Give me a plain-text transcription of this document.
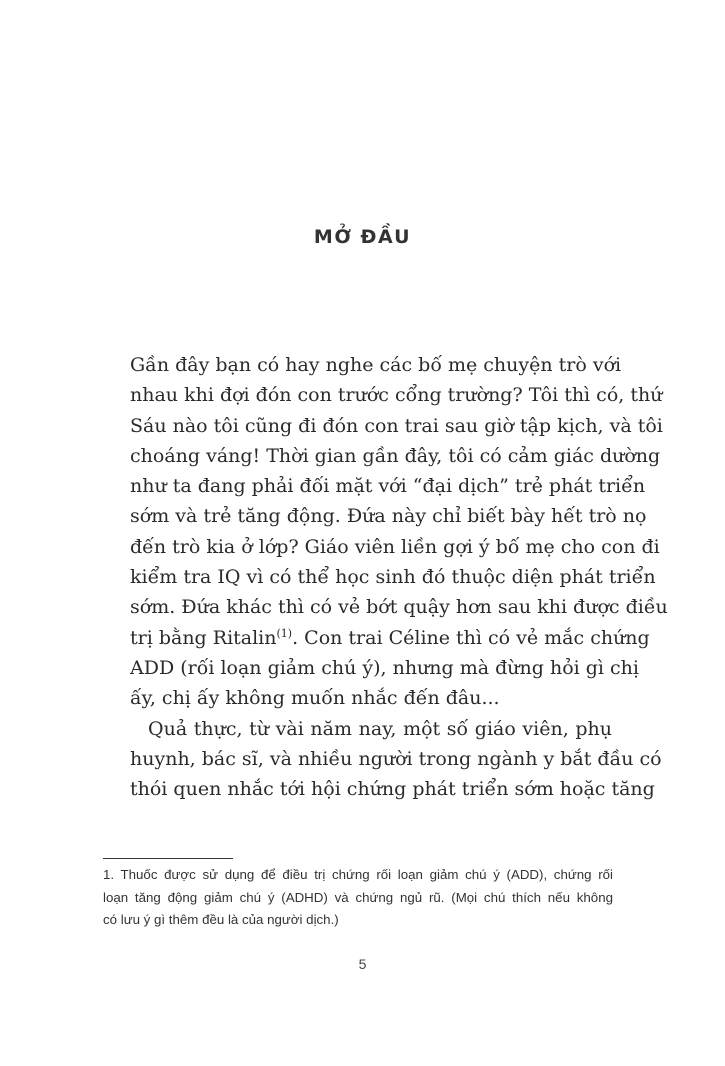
MỞ ĐẦU
Gần đây bạn có hay nghe các bố mẹ chuyện trò với
nhau khi đợi đón con trước cổng trường? Tôi thì có, thứ
Sáu nào tôi cũng đi đón con trai sau giờ tập kịch, và tôi
choáng váng! Thời gian gần đây, tôi có cảm giác dường
như ta đang phải đối mặt với “đại dịch” trẻ phát triển
sớm và trẻ tăng động. Đứa này chỉ biết bày hết trò nọ
đến trò kia ở lớp? Giáo viên liền gợi ý bố mẹ cho con đi
kiểm tra IQ vì có thể học sinh đó thuộc diện phát triển
sớm. Đứa khác thì có vẻ bớt quậy hơn sau khi được điều
trị bằng Ritalin$^{(1)}$. Con trai Céline thì có vẻ mắc chứng
ADD (rối loạn giảm chú ý), nhưng mà đừng hỏi gì chị
ấy, chị ấy không muốn nhắc đến đâu...
Quả thực, từ vài năm nay, một số giáo viên, phụ
huynh, bác sĩ, và nhiều người trong ngành y bắt đầu có
thói quen nhắc tới hội chứng phát triển sớm hoặc tăng
1. Thuốc được sử dụng để điều trị chứng rối loạn giảm chú ý (ADD), chứng rối
loạn tăng động giảm chú ý (ADHD) và chứng ngủ rũ. (Mọi chú thích nếu không
có lưu ý gì thêm đều là của người dịch.)
5
